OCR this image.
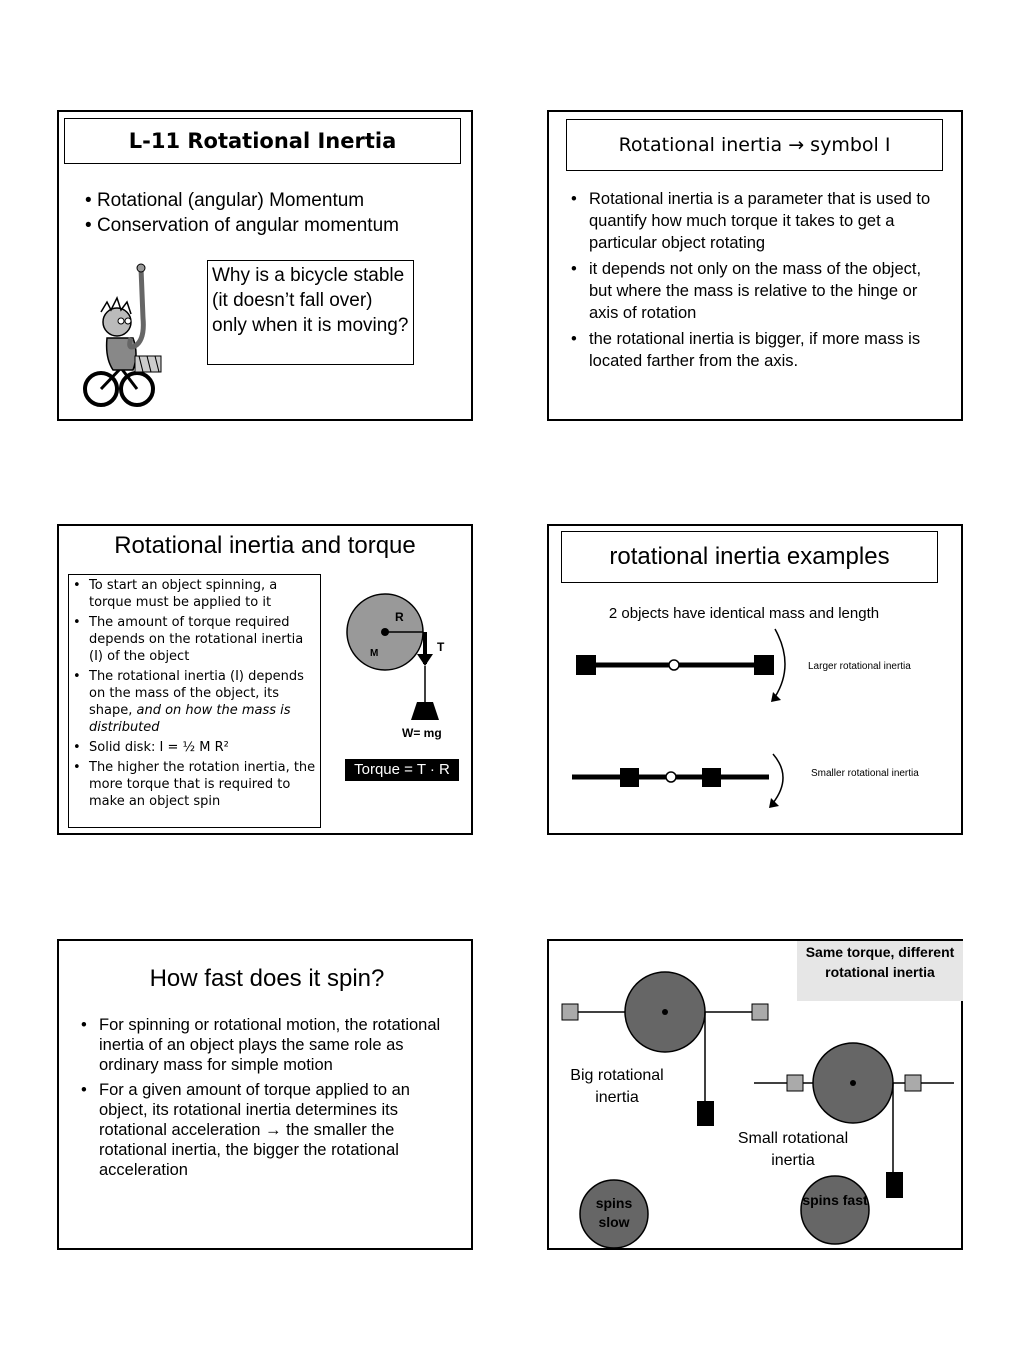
L-11 Rotational Inertia
• Rotational (angular) Momentum
• Conservation of angular momentum
Why is a bicycle stable (it doesn’t fall over) only when it is moving?
Rotational inertia → symbol I
• Rotational inertia is a parameter that is used to quantify how much torque it takes to get a particular object rotating
• it depends not only on the mass of the object, but where the mass is relative to the hinge or axis of rotation
• the rotational inertia is bigger, if more mass is located farther from the axis.
Rotational inertia and torque
• To start an object spinning, a torque must be applied to it
• The amount of torque required depends on the rotational inertia (I) of the object
• The rotational inertia (I) depends on the mass of the object, its shape, and on how the mass is distributed
• Solid disk: I = ½ M R²
• The higher the rotation inertia, the more torque that is required to make an object spin
R
M	T
W= mg
Torque = T · R
rotational inertia examples
2 objects have identical mass and length
Larger rotational inertia
Smaller rotational inertia
How fast does it spin?
• For spinning or rotational motion, the rotational inertia of an object plays the same role as ordinary mass for simple motion
• For a given amount of torque applied to an object, its rotational inertia determines its rotational acceleration → the smaller the rotational inertia, the bigger the rotational acceleration
Same torque, different rotational inertia
Big rotational inertia
Small rotational inertia
spins slow
spins fast
